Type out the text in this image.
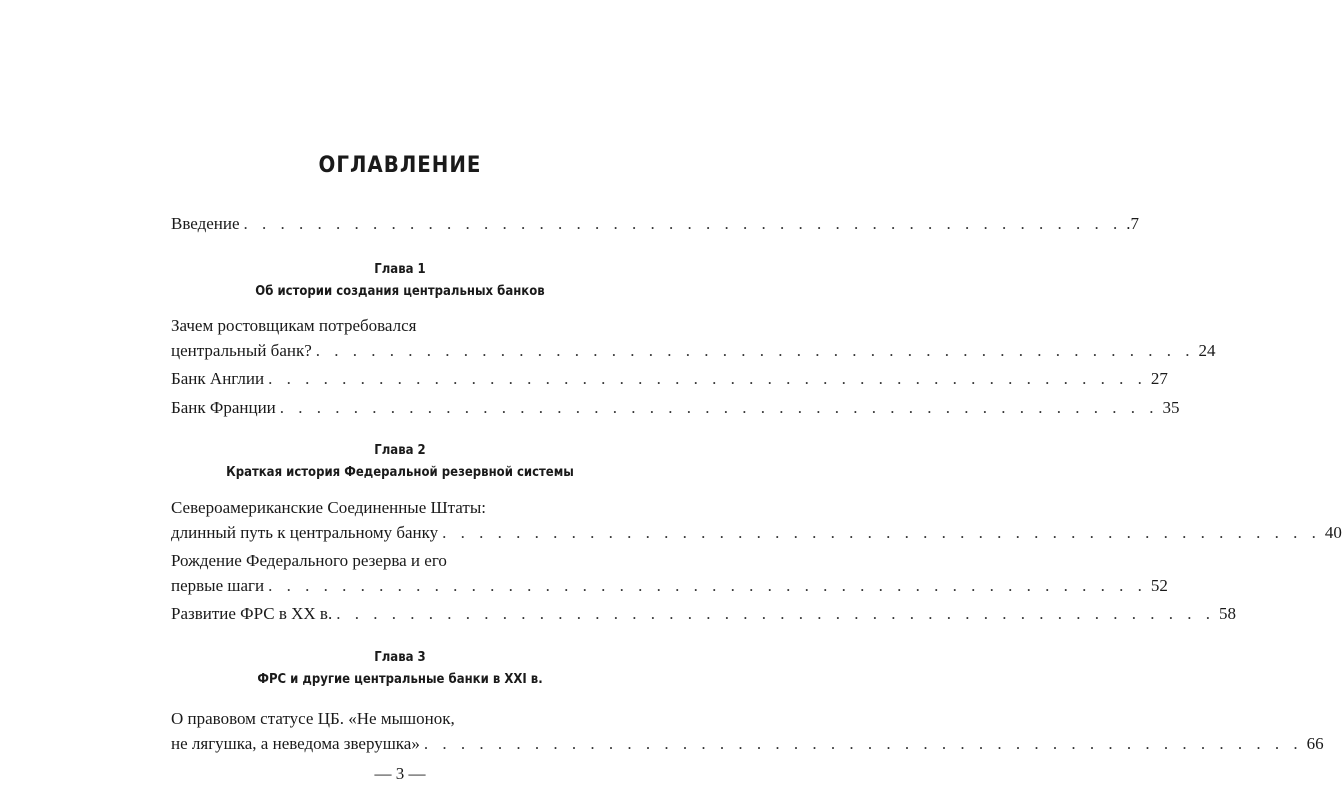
ОГЛАВЛЕНИЕ
Введение . . . . . . . . . . . . . . . . . . . . . . . . . . . . . . . . . . . . . . . . . . . . . . . . .7
Глава 1
Об истории создания центральных банков
Зачем ростовщикам потребовался
центральный банк? . . . . . . . . . . . . . . . . . . . . . . . . . . . . . . . . . . . . . . . . . . . . . . . . 24
Банк Англии . . . . . . . . . . . . . . . . . . . . . . . . . . . . . . . . . . . . . . . . . . . . . . . . 27
Банк Франции . . . . . . . . . . . . . . . . . . . . . . . . . . . . . . . . . . . . . . . . . . . . . . . . 35
Глава 2
Краткая история Федеральной резервной системы
Североамериканские Соединенные Штаты:
длинный путь к центральному банку . . . . . . . . . . . . . . . . . . . . . . . . . . . . . . . . . . . . . . . . . . . . . . . . 40
Рождение Федерального резерва и его
первые шаги . . . . . . . . . . . . . . . . . . . . . . . . . . . . . . . . . . . . . . . . . . . . . . . . 52
Развитие ФРС в XX в. . . . . . . . . . . . . . . . . . . . . . . . . . . . . . . . . . . . . . . . . . . . . . . . . 58
Глава 3
ФРС и другие центральные банки в XXI в.
О правовом статусе ЦБ. «Не мышонок,
не лягушка, а неведома зверушка» . . . . . . . . . . . . . . . . . . . . . . . . . . . . . . . . . . . . . . . . . . . . . . . . 66
— 3 —
